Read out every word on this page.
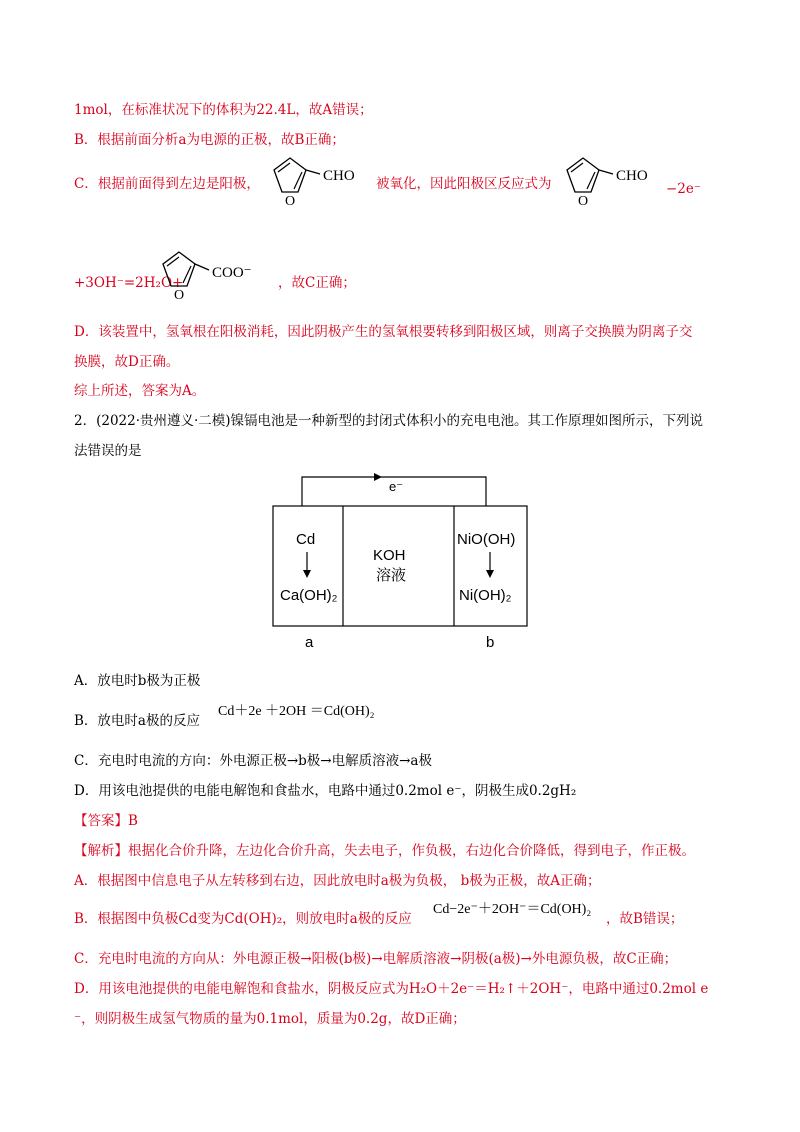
1mol，在标准状况下的体积为22.4L，故A错误；
B．根据前面分析a为电源的正极，故B正确；
C．根据前面得到左边是阳极，
O
CHO 被氧化，因此阳极区反应式为
O
CHO
−2e⁻
+3OH⁻=2H₂O+
O
COO⁻
，故C正确；
D．该装置中，氢氧根在阳极消耗，因此阴极产生的氢氧根要转移到阳极区域，则离子交换膜为阴离子交
换膜，故D正确。
综上所述，答案为A。
2．(2022·贵州遵义·二模)镍镉电池是一种新型的封闭式体积小的充电电池。其工作原理如图所示，下列说
法错误的是
e⁻
Cd
Ca(OH)₂
KOH
溶液
NiO(OH)
Ni(OH)₂
a	b
A．放电时b极为正极
B．放电时a极的反应
Cd＋2e ＋2OH ＝Cd(OH)₂
C．充电时电流的方向：外电源正极→b极→电解质溶液→a极
D．用该电池提供的电能电解饱和食盐水，电路中通过0.2mol e⁻，阴极生成0.2gH₂
【答案】B
【解析】根据化合价升降，左边化合价升高，失去电子，作负极，右边化合价降低，得到电子，作正极。
A．根据图中信息电子从左转移到右边，因此放电时a极为负极， b极为正极，故A正确；
B．根据图中负极Cd变为Cd(OH)₂，则放电时a极的反应
Cd−2e⁻＋2OH⁻＝Cd(OH)₂
，故B错误；
C．充电时电流的方向从：外电源正极→阳极(b极)→电解质溶液→阴极(a极)→外电源负极，故C正确；
D．用该电池提供的电能电解饱和食盐水，阴极反应式为H₂O＋2e⁻＝H₂↑＋2OH⁻，电路中通过0.2mol e
⁻，则阴极生成氢气物质的量为0.1mol，质量为0.2g，故D正确；
